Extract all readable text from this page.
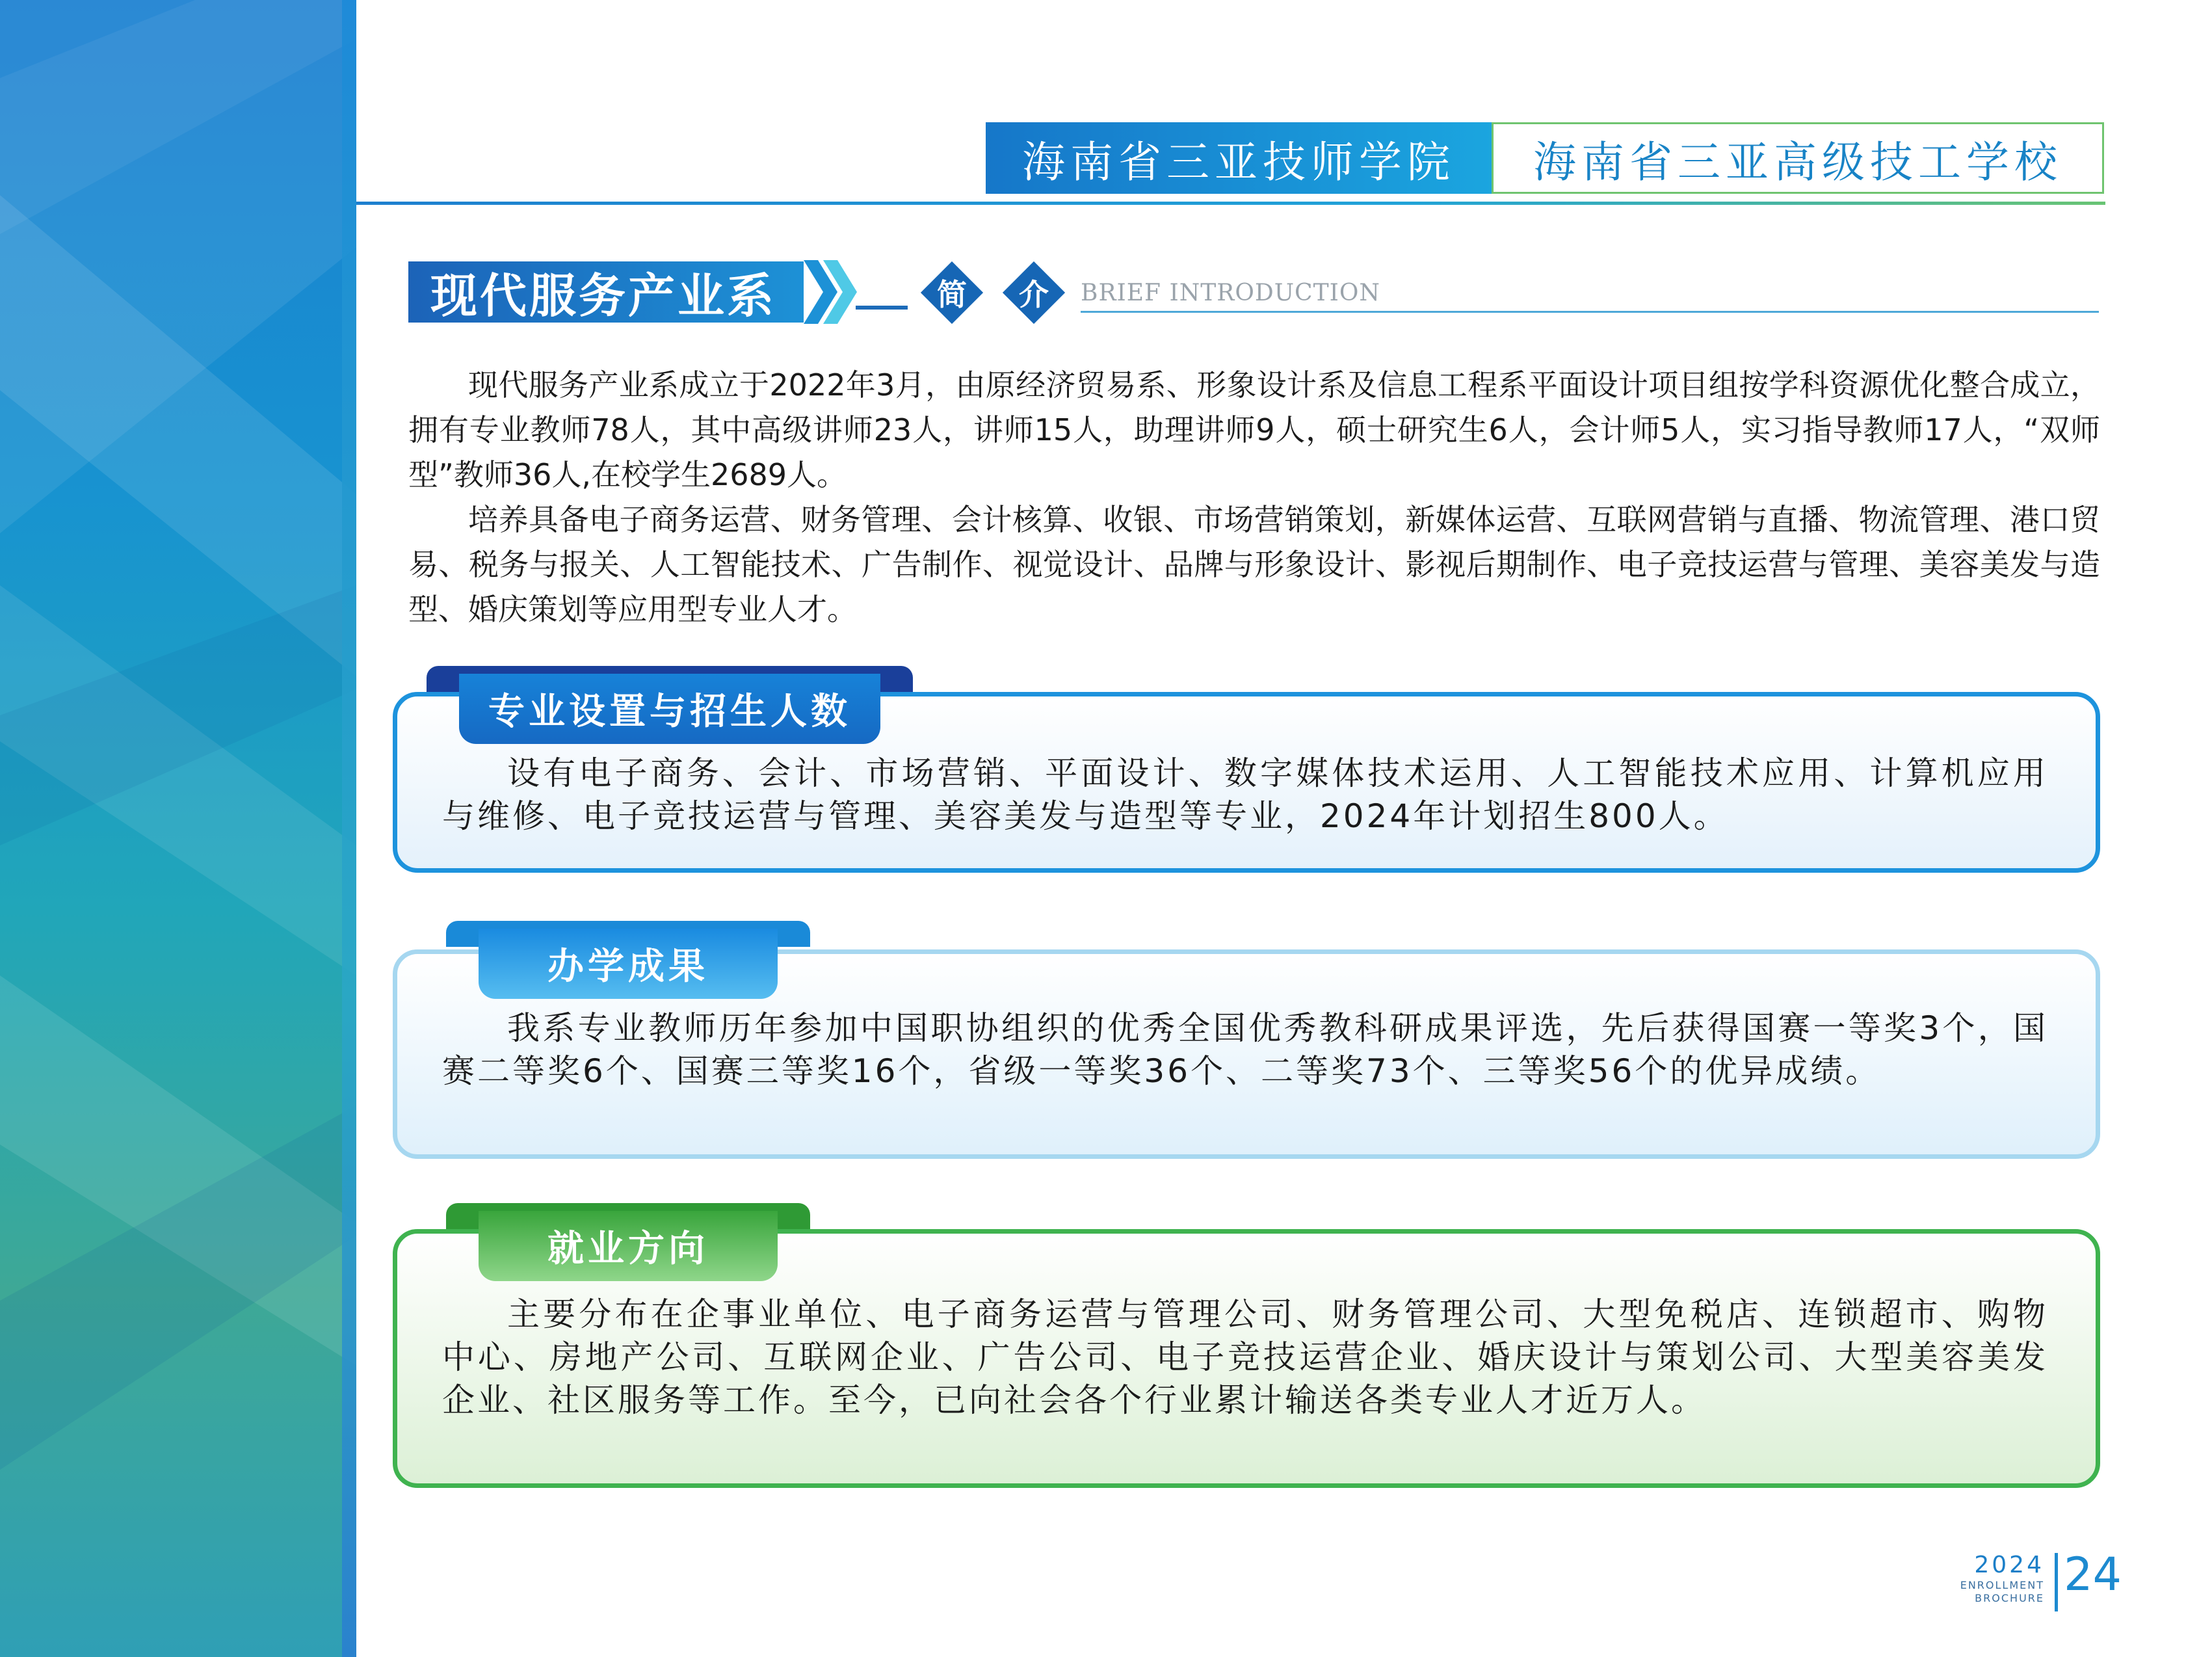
海南省三亚技师学院	海南省三亚高级技工学校
现代服务产业系	简	介	BRIEF INTRODUCTION

现代服务产业系成立于2022年3月，由原经济贸易系、形象设计系及信息工程系平面设计项目组按学科资源优化整合成立，拥有专业教师78人，其中高级讲师23人，讲师15人，助理讲师9人，硕士研究生6人，会计师5人，实习指导教师17人，“双师型”教师36人,在校学生2689人。

培养具备电子商务运营、财务管理、会计核算、收银、市场营销策划，新媒体运营、互联网营销与直播、物流管理、港口贸易、税务与报关、人工智能技术、广告制作、视觉设计、品牌与形象设计、影视后期制作、电子竞技运营与管理、美容美发与造型、婚庆策划等应用型专业人才。

专业设置与招生人数

设有电子商务、会计、市场营销、平面设计、数字媒体技术运用、人工智能技术应用、计算机应用与维修、电子竞技运营与管理、美容美发与造型等专业，2024年计划招生800人。

办学成果

我系专业教师历年参加中国职协组织的优秀全国优秀教科研成果评选，先后获得国赛一等奖3个，国赛二等奖6个、国赛三等奖16个，省级一等奖36个、二等奖73个、三等奖56个的优异成绩。

就业方向

主要分布在企事业单位、电子商务运营与管理公司、财务管理公司、大型免税店、连锁超市、购物中心、房地产公司、互联网企业、广告公司、电子竞技运营企业、婚庆设计与策划公司、大型美容美发企业、社区服务等工作。至今，已向社会各个行业累计输送各类专业人才近万人。

2024
ENROLLMENT
BROCHURE 24
